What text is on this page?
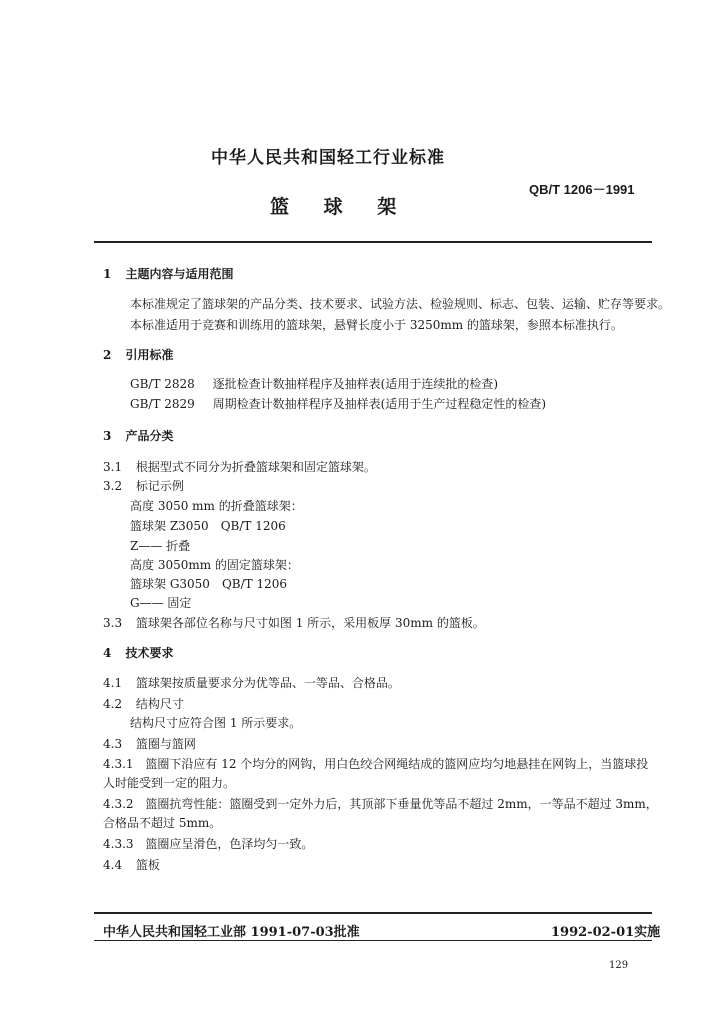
中华人民共和国轻工行业标准
QB/T 1206－1991
篮 球 架
1 主题内容与适用范围
本标准规定了篮球架的产品分类、技术要求、试验方法、检验规则、标志、包装、运输、贮存等要求。
本标准适用于竞赛和训练用的篮球架，悬臂长度小于 3250mm 的篮球架，参照本标准执行。
2 引用标准
GB/T 2828 逐批检查计数抽样程序及抽样表(适用于连续批的检查)
GB/T 2829 周期检查计数抽样程序及抽样表(适用于生产过程稳定性的检查)
3 产品分类
3.1 根据型式不同分为折叠篮球架和固定篮球架。
3.2 标记示例
高度 3050 mm 的折叠篮球架：
篮球架 Z3050　QB/T 1206
Z—— 折叠
高度 3050mm 的固定篮球架：
篮球架 G3050　QB/T 1206
G—— 固定
3.3 篮球架各部位名称与尺寸如图 1 所示，采用板厚 30mm 的篮板。
4 技术要求
4.1 篮球架按质量要求分为优等品、一等品、合格品。
4.2 结构尺寸
结构尺寸应符合图 1 所示要求。
4.3 篮圈与篮网
4.3.1 篮圈下沿应有 12 个均分的网钩，用白色绞合网绳结成的篮网应均匀地悬挂在网钩上，当篮球投
人时能受到一定的阻力。
4.3.2 篮圈抗弯性能：篮圈受到一定外力后，其顶部下垂量优等品不超过 2mm，一等品不超过 3mm，
合格品不超过 5mm。
4.3.3 篮圈应呈滑色，色泽均匀一致。
4.4 篮板
中华人民共和国轻工业部 1991-07-03批准	1992-02-01实施
129
